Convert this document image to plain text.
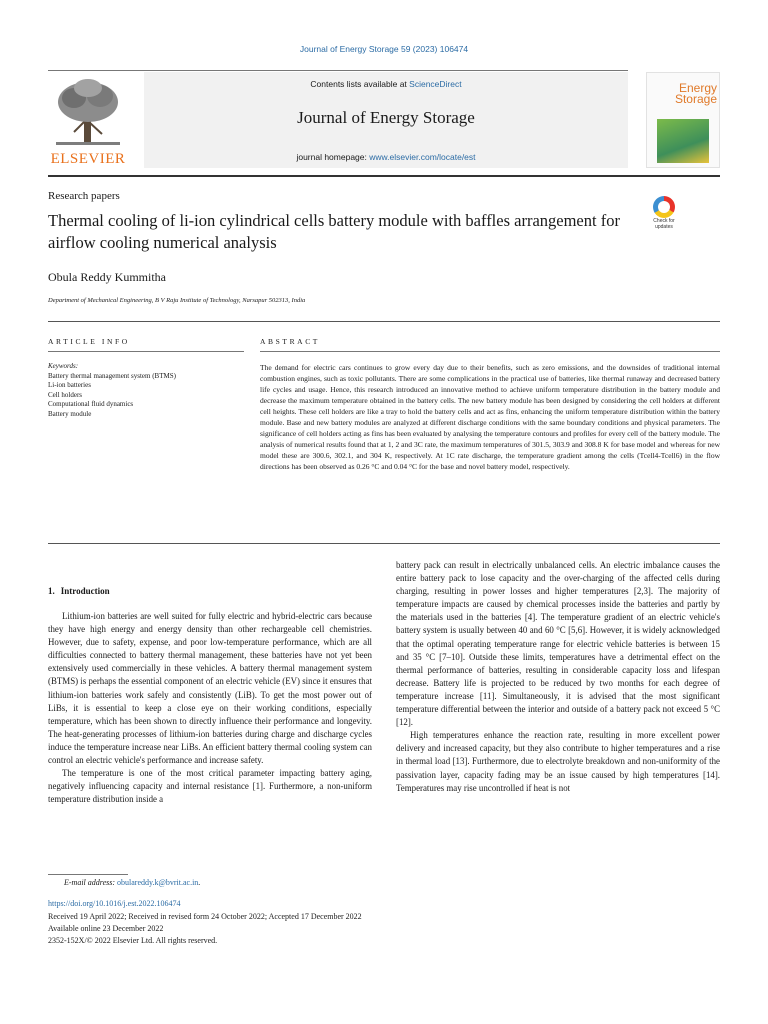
Journal of Energy Storage 59 (2023) 106474
ELSEVIER
Contents lists available at ScienceDirect
Journal of Energy Storage
journal homepage: www.elsevier.com/locate/est
Energy
Storage
Research papers
Thermal cooling of li-ion cylindrical cells battery module with baffles arrangement for airflow cooling numerical analysis
Check for updates
Obula Reddy Kummitha
Department of Mechanical Engineering, B V Raju Institute of Technology, Narsapur 502313, India
ARTICLE INFO	ABSTRACT
Keywords:
Battery thermal management system (BTMS)
Li-ion batteries
Cell holders
Computational fluid dynamics
Battery module

The demand for electric cars continues to grow every day due to their benefits, such as zero emissions, and the downsides of traditional internal combustion engines, such as toxic pollutants. There are some complications in the practical use of batteries, like thermal runaway and decreased battery life cycles and usage. Hence, this research introduced an innovative method to achieve uniform temperature distribution in the battery module and decrease the maximum temperature obtained in the battery cells. The new battery module has been designed by considering the cell holders at different cell heights. These cell holders are like a tray to hold the battery cells and act as fins, enhancing the uniform temperature distribution within the battery module. Base and new battery modules are analyzed at different discharge conditions with the same boundary conditions and physical parameters. The significance of cell holders acting as fins has been evaluated by analysing the temperature contours and profiles for every cell of the battery module. The analysis of numerical results found that at 1, 2 and 3C rate, the maximum temperatures of 301.5, 303.9 and 308.8 K for base model and whereas for new model these are 300.6, 302.1, and 304 K, respectively. At 1C rate discharge, the temperature gradient among the cells (Tcell4-Tcell6) in the flow directions has been observed as 0.26 °C and 0.04 °C for the base and novel battery model, respectively.

1. Introduction

Lithium-ion batteries are well suited for fully electric and hybrid-electric cars because they have high energy and energy density than other rechargeable cell chemistries. However, due to safety, expense, and poor low-temperature performance, which are all difficulties connected to battery thermal management, these batteries have not yet been extensively used commercially in these vehicles. A battery thermal management system (BTMS) is perhaps the essential component of an electric vehicle (EV) since it ensures that lithium-ion batteries work safely and consistently (LiB). To get the most power out of LiBs, it is essential to keep a close eye on their working conditions, especially temperature, which has been shown to directly influence their performance and longevity. The heat-generating processes of lithium-ion batteries during charge and discharge cycles induce the temperature increase near LiBs. An efficient battery thermal cooling system can control an electric vehicle's performance and increase safety.

The temperature is one of the most critical parameter impacting battery aging, negatively influencing capacity and internal resistance [1]. Furthermore, a non-uniform temperature distribution inside a

battery pack can result in electrically unbalanced cells. An electric imbalance causes the entire battery pack to lose capacity and the over-charging of the affected cells during charging, resulting in power losses and higher temperatures [2,3]. The majority of temperature impacts are caused by chemical processes inside the batteries and partly by the materials used in the batteries [4]. The temperature gradient of an electric vehicle's battery system is usually between 40 and 60 °C [5,6]. However, it is widely acknowledged that the optimal operating temperature range for electric vehicle batteries is between 15 and 35 °C [7–10]. Outside these limits, temperatures have a detrimental effect on the thermal performance of batteries, resulting in considerable capacity loss and lifespan decrease. Battery life is projected to be reduced by two months for each degree of temperature increase [11]. Simultaneously, it is advised that the most significant temperature differential between the interior and outside of a battery pack not exceed 5 °C [12].

High temperatures enhance the reaction rate, resulting in more excellent power delivery and increased capacity, but they also contribute to higher temperatures and a rise in thermal load [13]. Furthermore, due to electrolyte breakdown and non-uniformity of the passivation layer, capacity fading may be an issue caused by high temperatures [14]. Temperatures may rise uncontrolled if heat is not

E-mail address: obulareddy.k@bvrit.ac.in.
https://doi.org/10.1016/j.est.2022.106474
Received 19 April 2022; Received in revised form 24 October 2022; Accepted 17 December 2022
Available online 23 December 2022
2352-152X/© 2022 Elsevier Ltd. All rights reserved.
